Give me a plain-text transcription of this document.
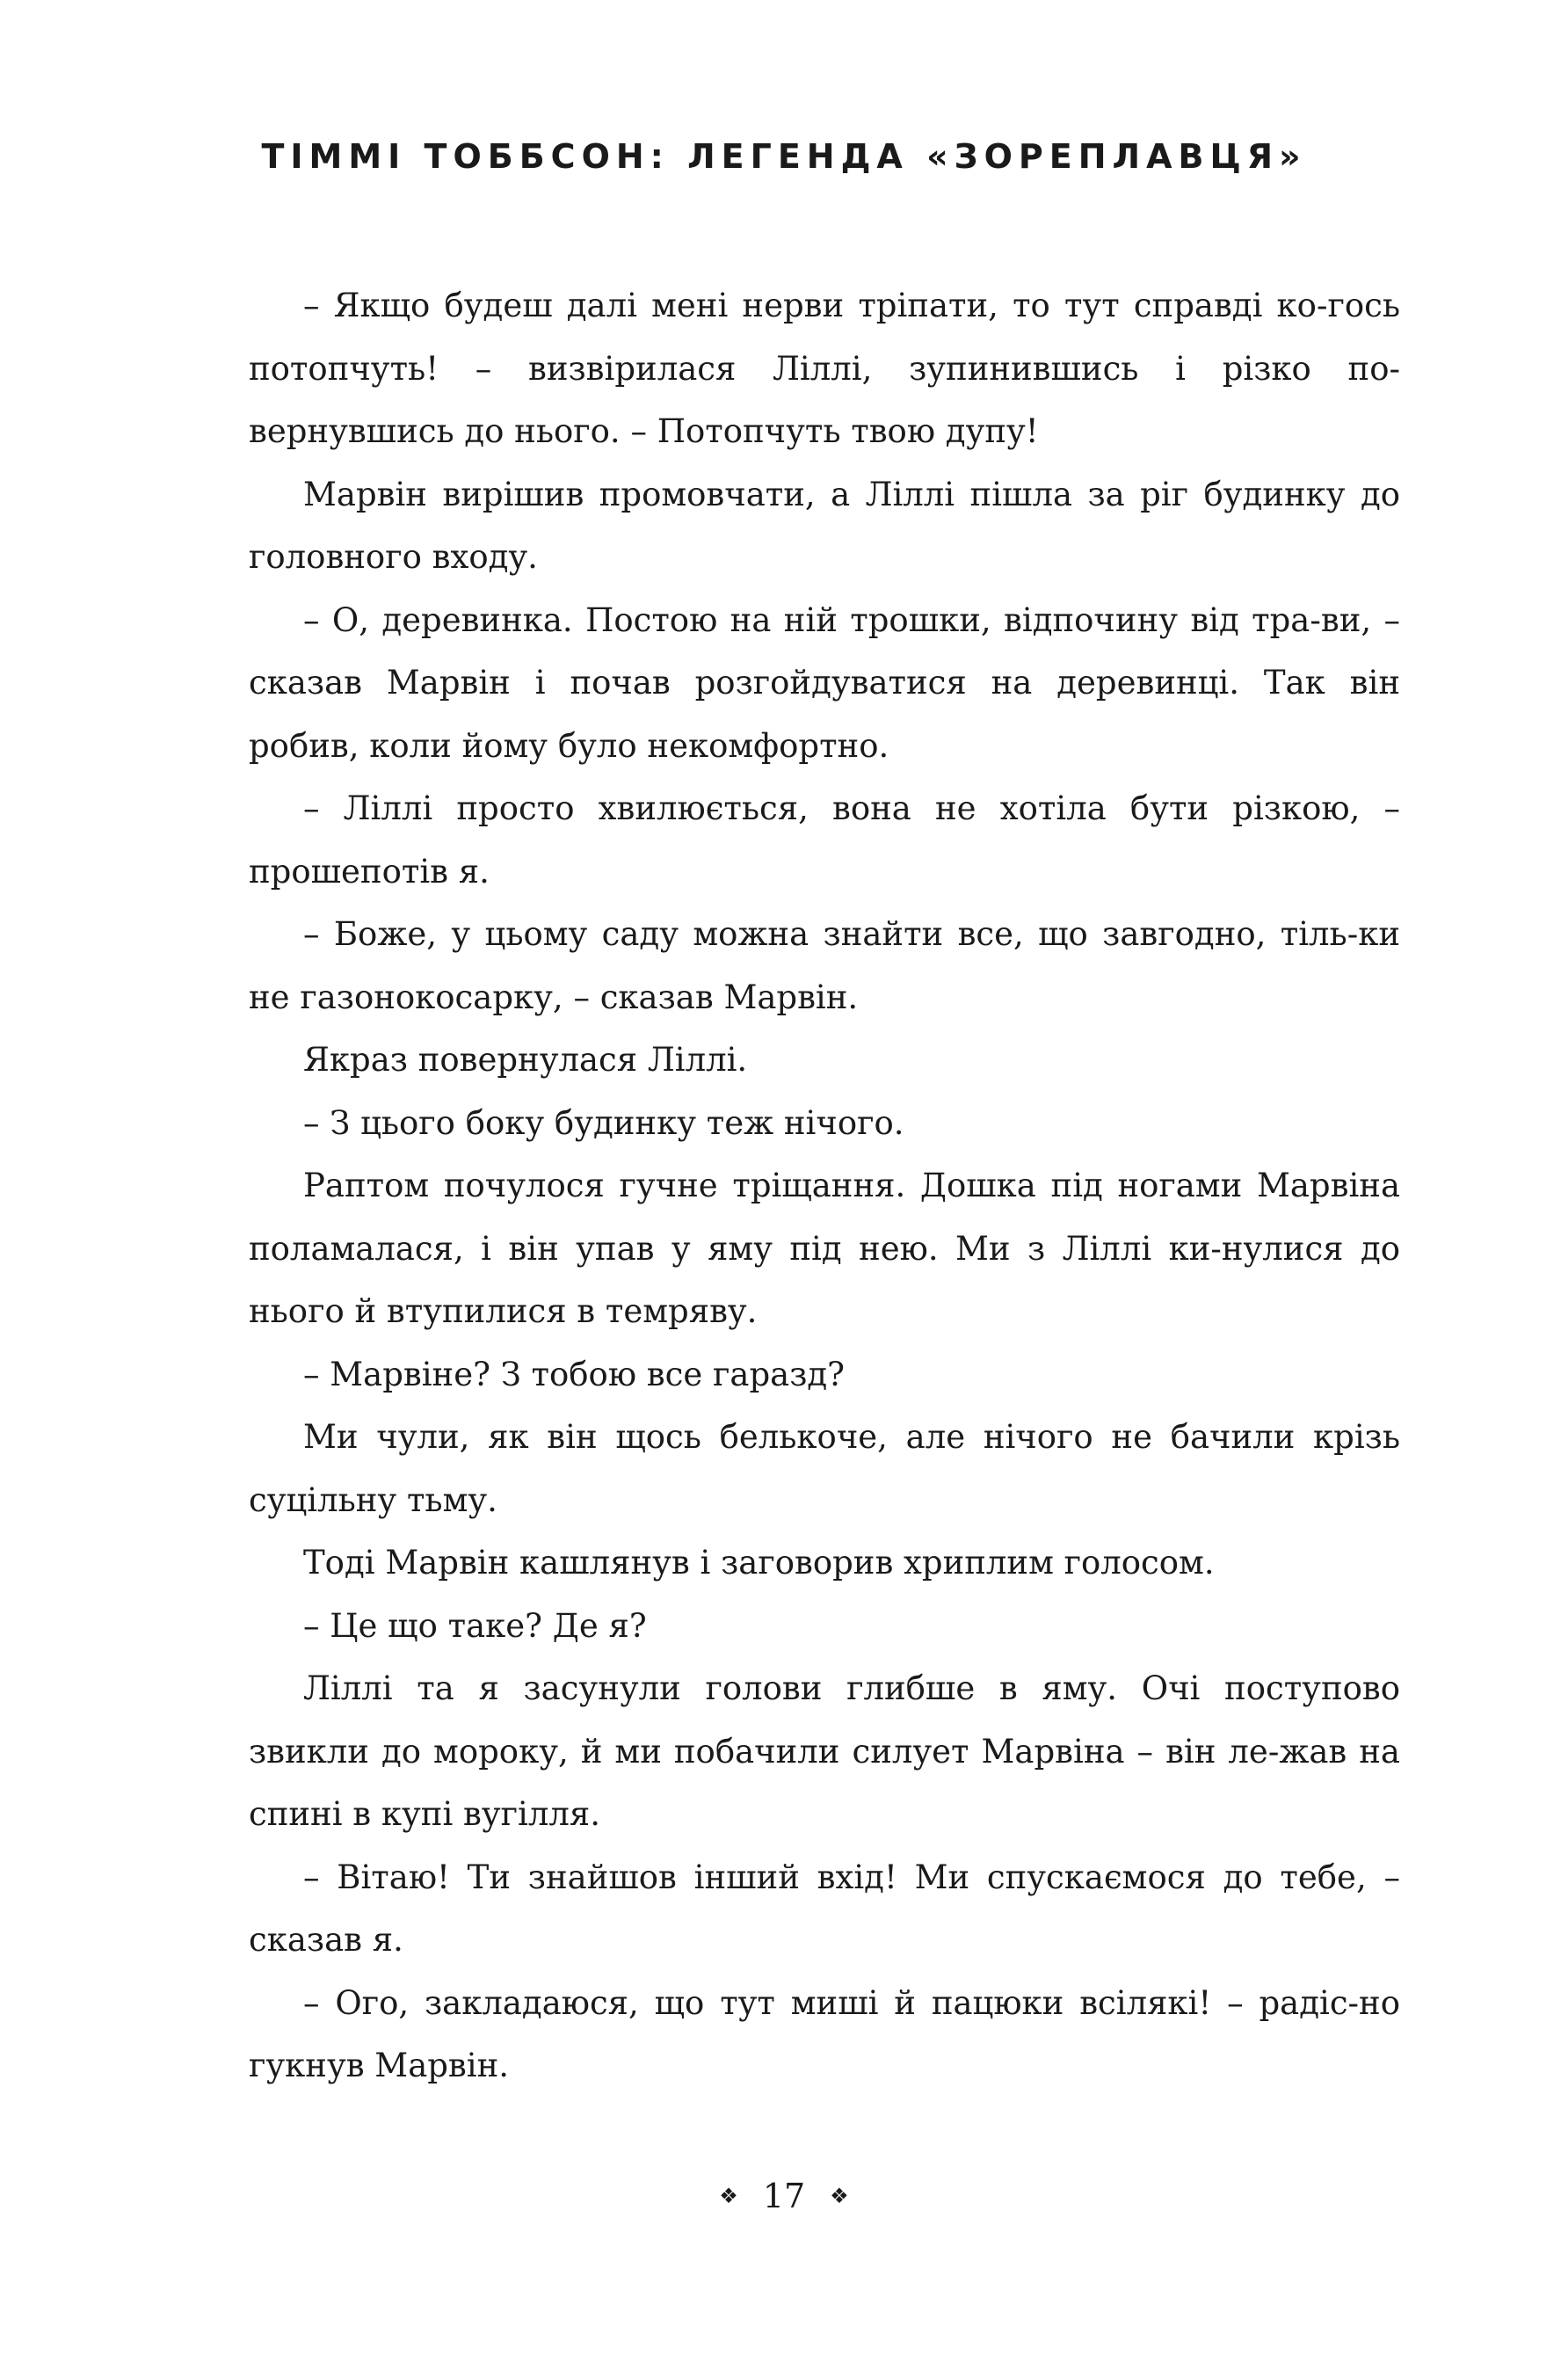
ТІММІ ТОББСОН: ЛЕГЕНДА «ЗОРЕПЛАВЦЯ»

– Якщо будеш далі мені нерви тріпати, то тут справді ко-гось потопчуть! – визвірилася Ліллі, зупинившись і різко по-вернувшись до нього. – Потопчуть твою дупу!

Марвін вирішив промовчати, а Ліллі пішла за ріг будинку до головного входу.

– О, деревинка. Постою на ній трошки, відпочину від тра-ви, – сказав Марвін і почав розгойдуватися на деревинці. Так він робив, коли йому було некомфортно.

– Ліллі просто хвилюється, вона не хотіла бути різкою, – прошепотів я.

– Боже, у цьому саду можна знайти все, що завгодно, тіль-ки не газонокосарку, – сказав Марвін.

Якраз повернулася Ліллі.

– З цього боку будинку теж нічого.

Раптом почулося гучне тріщання. Дошка під ногами Марвіна поламалася, і він упав у яму під нею. Ми з Ліллі ки-нулися до нього й втупилися в темряву.

– Марвіне? З тобою все гаразд?

Ми чули, як він щось белькоче, але нічого не бачили крізь суцільну тьму.

Тоді Марвін кашлянув і заговорив хриплим голосом.

– Це що таке? Де я?

Ліллі та я засунули голови глибше в яму. Очі поступово звикли до мороку, й ми побачили силует Марвіна – він ле-жав на спині в купі вугілля.

– Вітаю! Ти знайшов інший вхід! Ми спускаємося до тебе, – сказав я.

– Ого, закладаюся, що тут миші й пацюки всілякі! – радіс-но гукнув Марвін.

❖ 17 ❖
